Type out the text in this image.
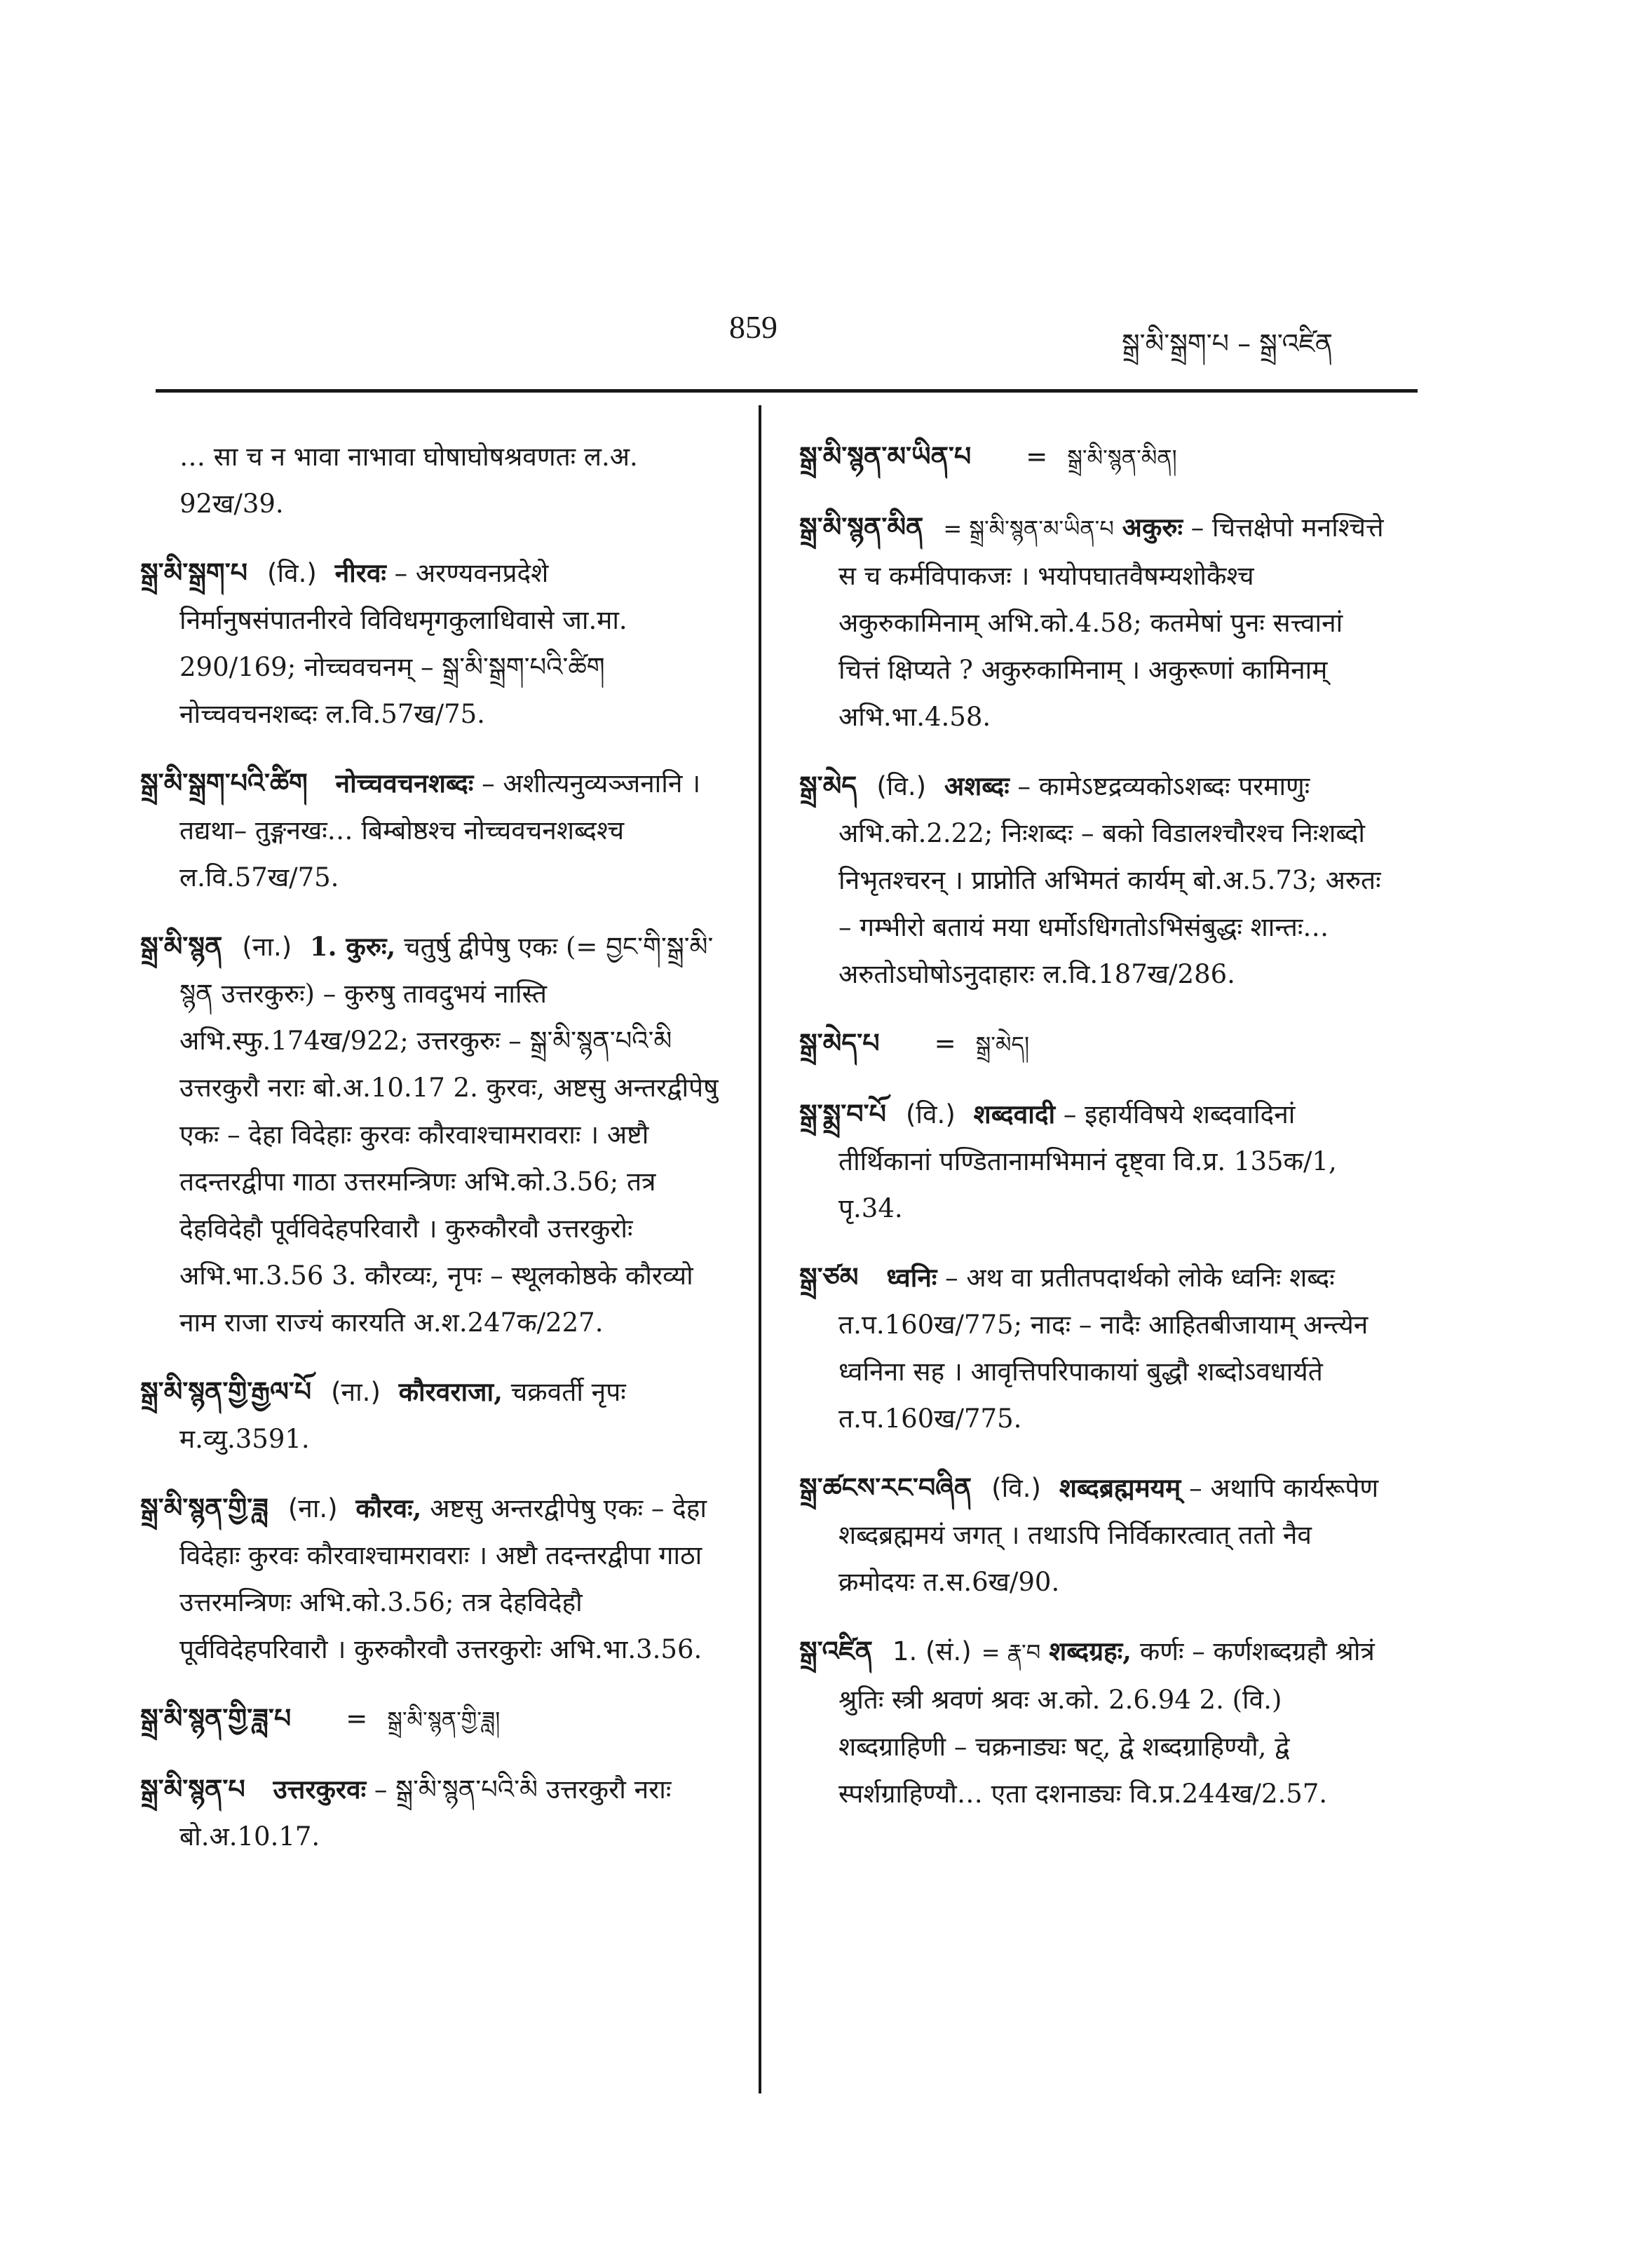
859	སྒྲ་མི་སྒྲག་པ – སྒྲ་འཛིན
… सा च न भावा नाभावा घोषाघोषश्रवणतः ल.अ. 92ख/39.
སྒྲ་མི་སྒྲག་པ (वि.) नीरवः – अरण्यवनप्रदेशे निर्मानुषसंपातनीरवे विविधमृगकुलाधिवासे जा.मा. 290/169; नोच्चवचनम् – སྒྲ་མི་སྒྲག་པའི་ཚིག नोच्चवचनशब्दः ल.वि.57ख/75.
སྒྲ་མི་སྒྲག་པའི་ཚིག नोच्चवचनशब्दः – अशीत्यनुव्यञ्जनानि । तद्यथा– तुङ्गनखः… बिम्बोष्ठश्च नोच्चवचनशब्दश्च ल.वि.57ख/75.
སྒྲ་མི་སྙན (ना.) 1. कुरुः, चतुर्षु द्वीपेषु एकः (= བྱང་གི་སྒྲ་མི་སྙན उत्तरकुरुः) – कुरुषु तावदुभयं नास्ति अभि.स्फु.174ख/922; उत्तरकुरुः – སྒྲ་མི་སྙན་པའི་མི उत्तरकुरौ नराः बो.अ.10.17 2. कुरवः, अष्टसु अन्तरद्वीपेषु एकः – देहा विदेहाः कुरवः कौरवाश्चामरावराः । अष्टौ तदन्तरद्वीपा गाठा उत्तरमन्त्रिणः अभि.को.3.56; तत्र देहविदेहौ पूर्वविदेहपरिवारौ । कुरुकौरवौ उत्तरकुरोः अभि.भा.3.56 3. कौरव्यः, नृपः – स्थूलकोष्ठके कौरव्यो नाम राजा राज्यं कारयति अ.श.247क/227.
སྒྲ་མི་སྙན་གྱི་རྒྱལ་པོ (ना.) कौरवराजा, चक्रवर्ती नृपः म.व्यु.3591.
སྒྲ་མི་སྙན་གྱི་ཟླ (ना.) कौरवः, अष्टसु अन्तरद्वीपेषु एकः – देहा विदेहाः कुरवः कौरवाश्चामरावराः । अष्टौ तदन्तरद्वीपा गाठा उत्तरमन्त्रिणः अभि.को.3.56; तत्र देहविदेहौ पूर्वविदेहपरिवारौ । कुरुकौरवौ उत्तरकुरोः अभि.भा.3.56.
སྒྲ་མི་སྙན་གྱི་ཟླ་པ = སྒྲ་མི་སྙན་གྱི་ཟླ།
སྒྲ་མི་སྙན་པ उत्तरकुरवः – སྒྲ་མི་སྙན་པའི་མི उत्तरकुरौ नराः बो.अ.10.17.
སྒྲ་མི་སྙན་མ་ཡིན་པ = སྒྲ་མི་སྙན་མིན།
སྒྲ་མི་སྙན་མིན = སྒྲ་མི་སྙན་མ་ཡིན་པ अकुरुः – चित्तक्षेपो मनश्चित्ते स च कर्मविपाकजः । भयोपघातवैषम्यशोकैश्च अकुरुकामिनाम् अभि.को.4.58; कतमेषां पुनः सत्त्वानां चित्तं क्षिप्यते ? अकुरुकामिनाम् । अकुरूणां कामिनाम् अभि.भा.4.58.
སྒྲ་མེད (वि.) अशब्दः – कामेऽष्टद्रव्यकोऽशब्दः परमाणुः अभि.को.2.22; निःशब्दः – बको विडालश्चौरश्च निःशब्दो निभृतश्चरन् । प्राप्नोति अभिमतं कार्यम् बो.अ.5.73; अरुतः – गम्भीरो बतायं मया धर्मोऽधिगतोऽभिसंबुद्धः शान्तः… अरुतोऽघोषोऽनुदाहारः ल.वि.187ख/286.
སྒྲ་མེད་པ = སྒྲ་མེད།
སྒྲ་སྨྲ་བ་པོ (वि.) शब्दवादी – इहार्यविषये शब्दवादिनां तीर्थिकानां पण्डितानामभिमानं दृष्ट्वा वि.प्र. 135क/1, पृ.34.
སྒྲ་ཙམ ध्वनिः – अथ वा प्रतीतपदार्थको लोके ध्वनिः शब्दः त.प.160ख/775; नादः – नादैः आहितबीजायाम् अन्त्येन ध्वनिना सह । आवृत्तिपरिपाकायां बुद्धौ शब्दोऽवधार्यते त.प.160ख/775.
སྒྲ་ཚངས་རང་བཞིན (वि.) शब्दब्रह्ममयम् – अथापि कार्यरूपेण शब्दब्रह्ममयं जगत् । तथाऽपि निर्विकारत्वात् ततो नैव क्रमोदयः त.स.6ख/90.
སྒྲ་འཛིན 1. (सं.) = རྣ་བ शब्दग्रहः, कर्णः – कर्णशब्दग्रहौ श्रोत्रं श्रुतिः स्त्री श्रवणं श्रवः अ.को. 2.6.94 2. (वि.) शब्दग्राहिणी – चक्रनाड्यः षट्, द्वे शब्दग्राहिण्यौ, द्वे स्पर्शग्राहिण्यौ… एता दशनाड्यः वि.प्र.244ख/2.57.
